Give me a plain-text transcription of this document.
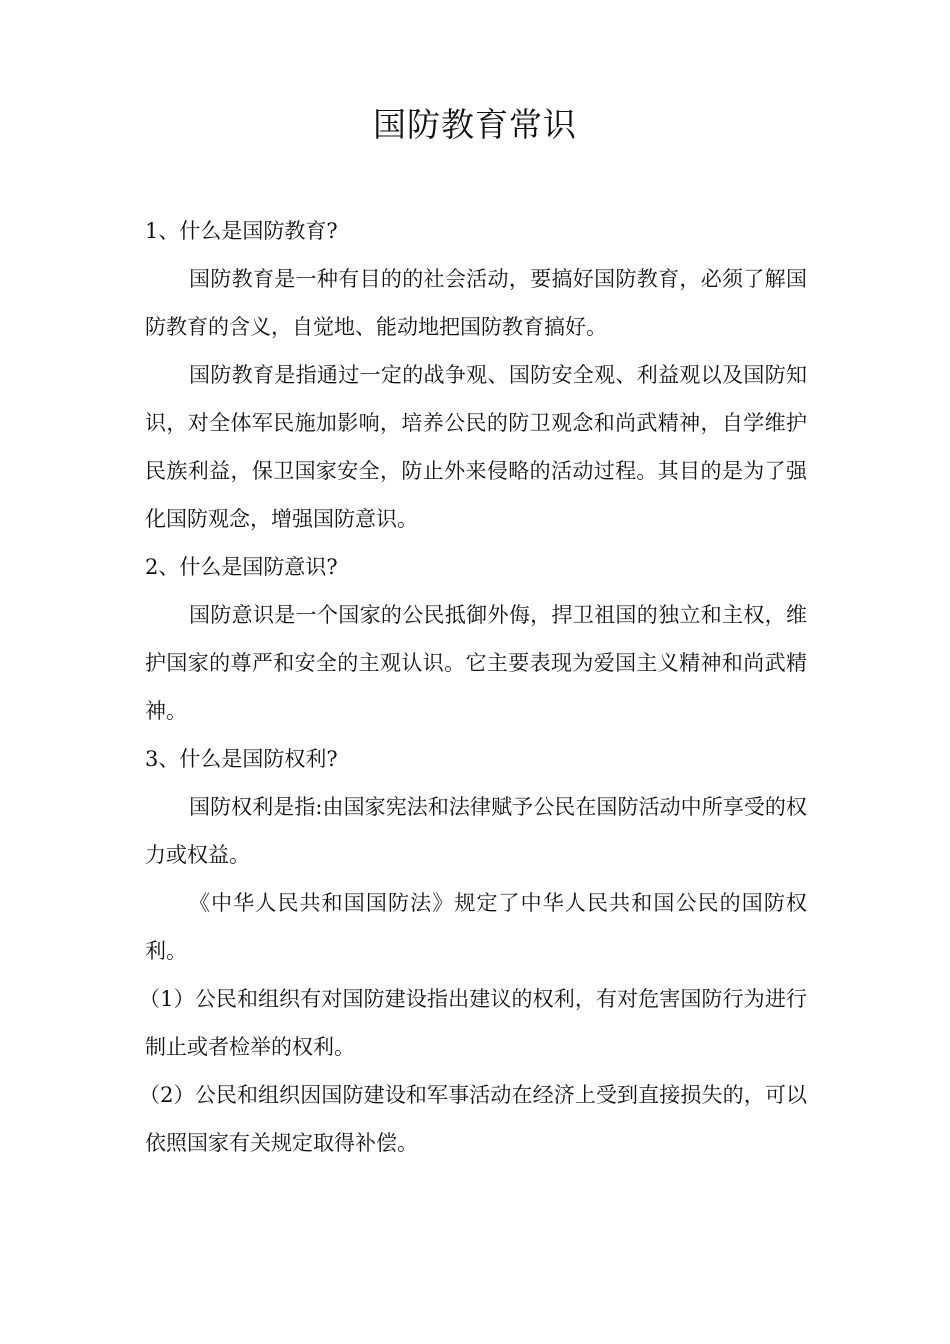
国防教育常识

1、什么是国防教育?

国防教育是一种有目的的社会活动，要搞好国防教育，必须了解国防教育的含义，自觉地、能动地把国防教育搞好。

国防教育是指通过一定的战争观、国防安全观、利益观以及国防知识，对全体军民施加影响，培养公民的防卫观念和尚武精神，自学维护民族利益，保卫国家安全，防止外来侵略的活动过程。其目的是为了强化国防观念，增强国防意识。

2、什么是国防意识?

国防意识是一个国家的公民抵御外侮，捍卫祖国的独立和主权，维护国家的尊严和安全的主观认识。它主要表现为爱国主义精神和尚武精神。

3、什么是国防权利?

国防权利是指:由国家宪法和法律赋予公民在国防活动中所享受的权力或权益。

《中华人民共和国国防法》规定了中华人民共和国公民的国防权利。

（1）公民和组织有对国防建设指出建议的权利，有对危害国防行为进行制止或者检举的权利。

（2）公民和组织因国防建设和军事活动在经济上受到直接损失的，可以依照国家有关规定取得补偿。
